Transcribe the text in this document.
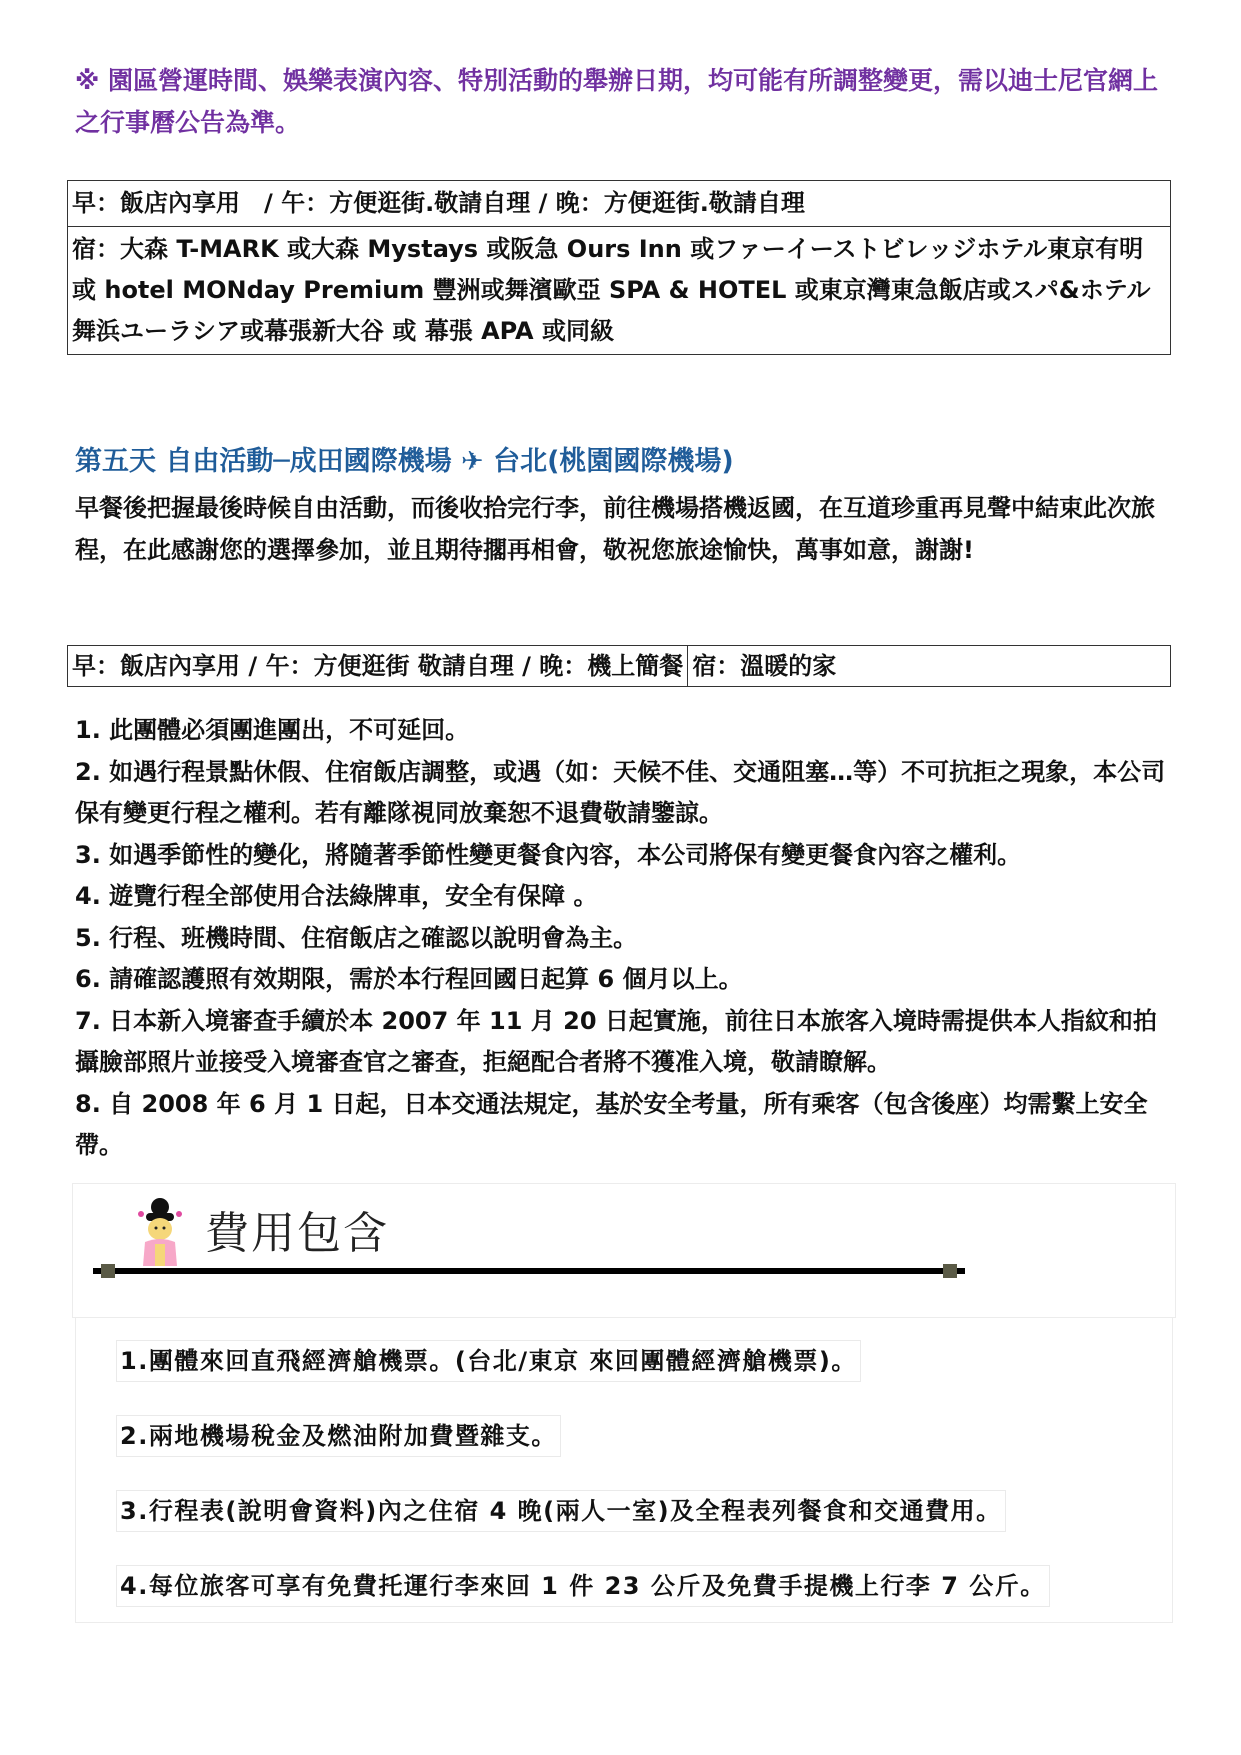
※ 園區營運時間、娛樂表演內容、特別活動的舉辦日期，均可能有所調整變更，需以迪士尼官網上之行事曆公告為準。
早：飯店內享用　/ 午：方便逛街.敬請自理 / 晚：方便逛街.敬請自理
宿：大森 T-MARK 或大森 Mystays 或阪急 Ours Inn 或ファーイーストビレッジホテル東京有明或 hotel MONday Premium 豐洲或舞濱歐亞 SPA & HOTEL 或東京灣東急飯店或スパ&ホテル舞浜ユーラシア或幕張新大谷 或 幕張 APA 或同級
第五天 自由活動─成田國際機場 ✈ 台北(桃園國際機場)
早餐後把握最後時候自由活動，而後收拾完行李，前往機場搭機返國，在互道珍重再見聲中結束此次旅程，在此感謝您的選擇參加，並且期待擱再相會，敬祝您旅途愉快，萬事如意，謝謝!
早：飯店內享用 / 午：方便逛街 敬請自理 / 晚：機上簡餐 宿：溫暖的家
1. 此團體必須團進團出，不可延回。
2. 如遇行程景點休假、住宿飯店調整，或遇（如：天候不佳、交通阻塞…等）不可抗拒之現象，本公司保有變更行程之權利。若有離隊視同放棄恕不退費敬請鑒諒。
3. 如遇季節性的變化，將隨著季節性變更餐食內容，本公司將保有變更餐食內容之權利。
4. 遊覽行程全部使用合法綠牌車，安全有保障 。
5. 行程、班機時間、住宿飯店之確認以說明會為主。
6. 請確認護照有效期限，需於本行程回國日起算 6 個月以上。
7. 日本新入境審查手續於本 2007 年 11 月 20 日起實施，前往日本旅客入境時需提供本人指紋和拍攝臉部照片並接受入境審查官之審查，拒絕配合者將不獲准入境，敬請瞭解。
8. 自 2008 年 6 月 1 日起，日本交通法規定，基於安全考量，所有乘客（包含後座）均需繫上安全帶。
費用包含
1.團體來回直飛經濟艙機票。(台北/東京 來回團體經濟艙機票)。
2.兩地機場稅金及燃油附加費暨雜支。
3.行程表(說明會資料)內之住宿 4 晚(兩人一室)及全程表列餐食和交通費用。
4.每位旅客可享有免費托運行李來回 1 件 23 公斤及免費手提機上行李 7 公斤。
